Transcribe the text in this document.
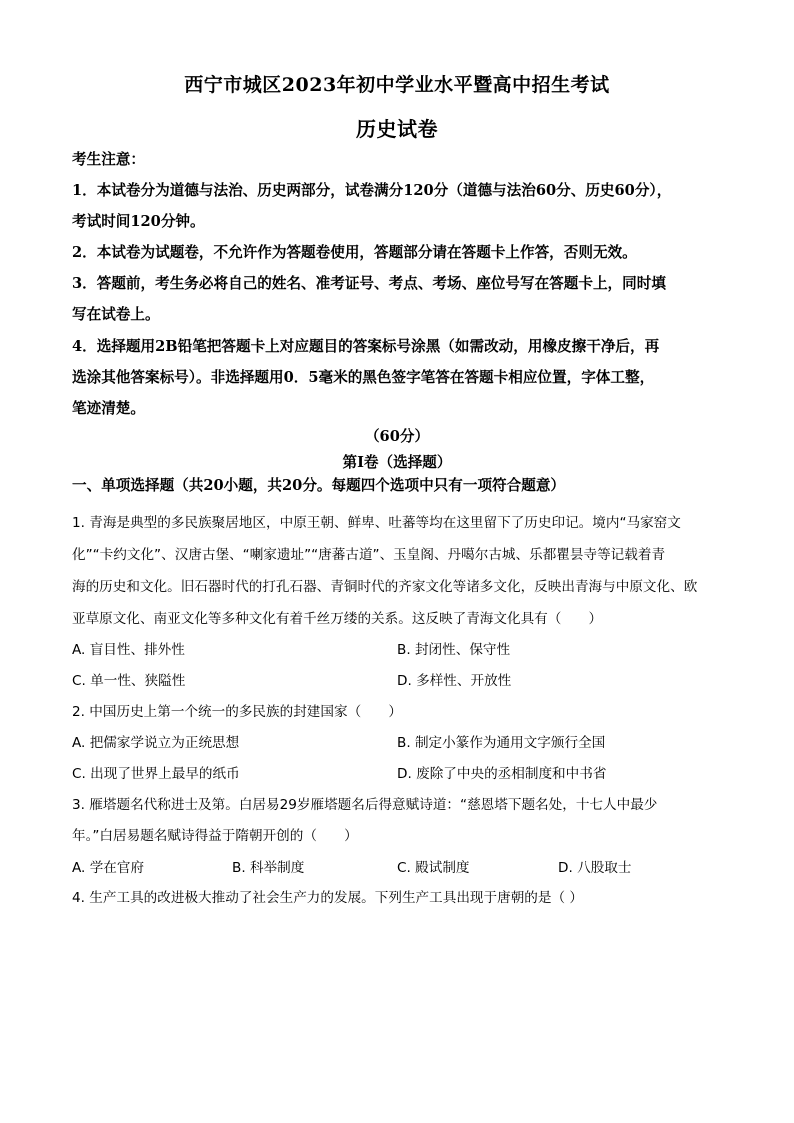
西宁市城区2023年初中学业水平暨高中招生考试
历史试卷
考生注意：
1．本试卷分为道德与法治、历史两部分，试卷满分120分（道德与法治60分、历史60分），
考试时间120分钟。
2．本试卷为试题卷，不允许作为答题卷使用，答题部分请在答题卡上作答，否则无效。
3．答题前，考生务必将自己的姓名、准考证号、考点、考场、座位号写在答题卡上，同时填
写在试卷上。
4．选择题用2B铅笔把答题卡上对应题目的答案标号涂黑（如需改动，用橡皮擦干净后，再
选涂其他答案标号）。非选择题用0．5毫米的黑色签字笔答在答题卡相应位置，字体工整，
笔迹清楚。
（60分）
第Ⅰ卷（选择题）
一、单项选择题（共20小题，共20分。每题四个选项中只有一项符合题意）
1. 青海是典型的多民族聚居地区，中原王朝、鲜卑、吐蕃等均在这里留下了历史印记。境内“马家窑文
化”“卡约文化”、汉唐古堡、“喇家遗址”“唐蕃古道”、玉皇阁、丹噶尔古城、乐都瞿昙寺等记载着青
海的历史和文化。旧石器时代的打孔石器、青铜时代的齐家文化等诸多文化，反映出青海与中原文化、欧
亚草原文化、南亚文化等多种文化有着千丝万缕的关系。这反映了青海文化具有（　　）
A. 盲目性、排外性	B. 封闭性、保守性
C. 单一性、狭隘性	D. 多样性、开放性
2. 中国历史上第一个统一的多民族的封建国家（　　）
A. 把儒家学说立为正统思想	B. 制定小篆作为通用文字颁行全国
C. 出现了世界上最早的纸币	D. 废除了中央的丞相制度和中书省
3. 雁塔题名代称进士及第。白居易29岁雁塔题名后得意赋诗道：“慈恩塔下题名处，十七人中最少
年。”白居易题名赋诗得益于隋朝开创的（　　）
A. 学在官府	B. 科举制度	C. 殿试制度	D. 八股取士
4. 生产工具的改进极大推动了社会生产力的发展。下列生产工具出现于唐朝的是（ ）
